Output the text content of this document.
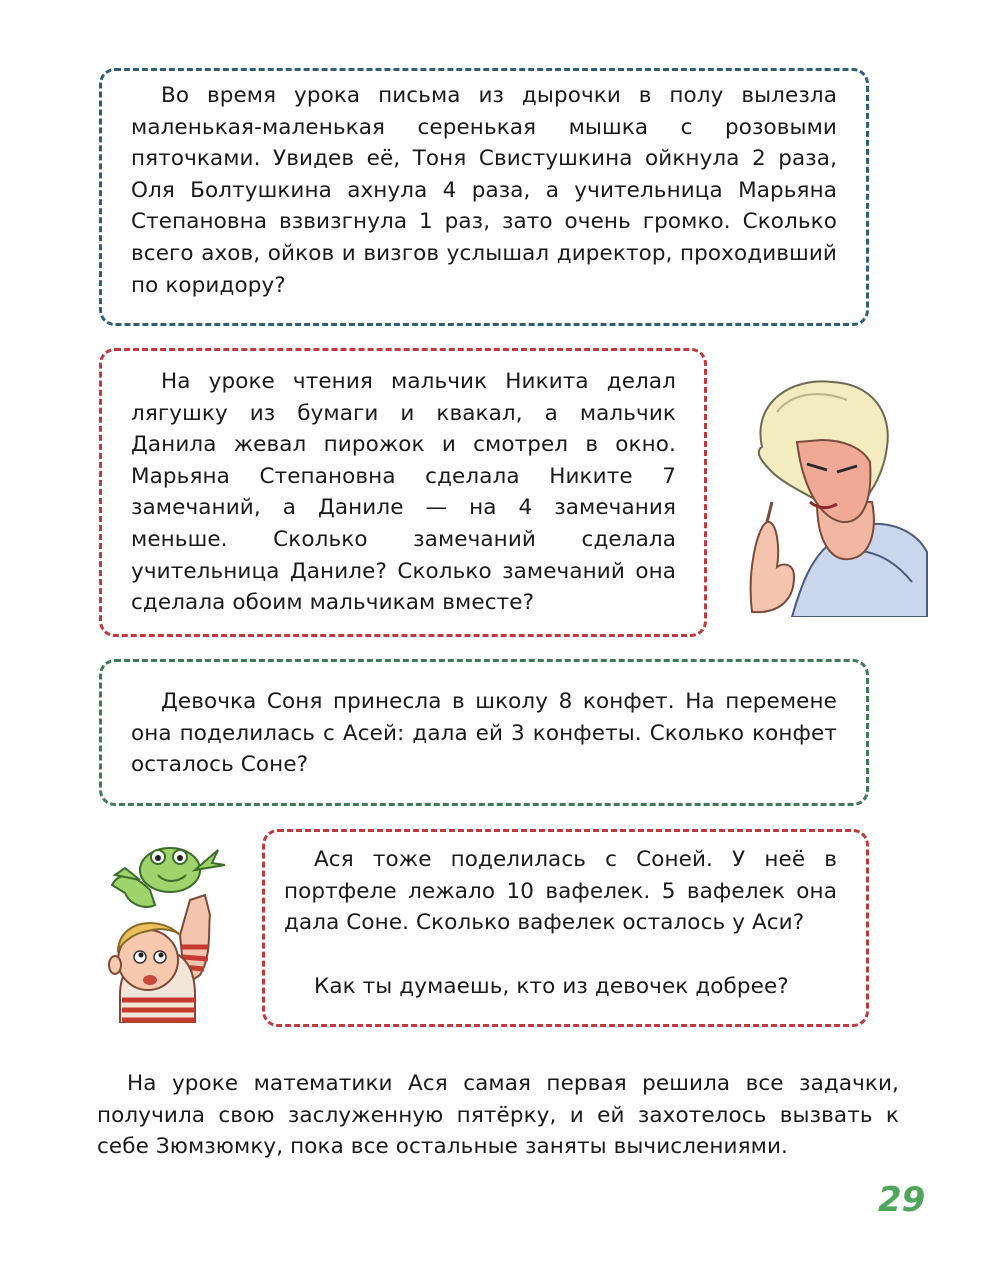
Во время урока письма из дырочки в полу вылезла маленькая-маленькая серенькая мышка с розовыми пяточками. Увидев её, Тоня Свистушкина ойкнула 2 раза, Оля Болтушкина ахнула 4 раза, а учительница Марьяна Степановна взвизгнула 1 раз, зато очень громко. Сколько всего ахов, ойков и визгов услышал директор, проходивший по коридору?

На уроке чтения мальчик Никита делал лягушку из бумаги и квакал, а мальчик Данила жевал пирожок и смотрел в окно. Марьяна Степановна сделала Никите 7 замечаний, а Даниле — на 4 замечания меньше. Сколько замечаний сделала учительница Даниле? Сколько замечаний она сделала обоим мальчикам вместе?

Девочка Соня принесла в школу 8 конфет. На перемене она поделилась с Асей: дала ей 3 конфеты. Сколько конфет осталось Соне?

Ася тоже поделилась с Соней. У неё в портфеле лежало 10 вафелек. 5 вафелек она дала Соне. Сколько вафелек осталось у Аси?

Как ты думаешь, кто из девочек добрее?

На уроке математики Ася самая первая решила все задачки, получила свою заслуженную пятёрку, и ей захотелось вызвать к себе Зюмзюмку, пока все остальные заняты вычислениями.

29
